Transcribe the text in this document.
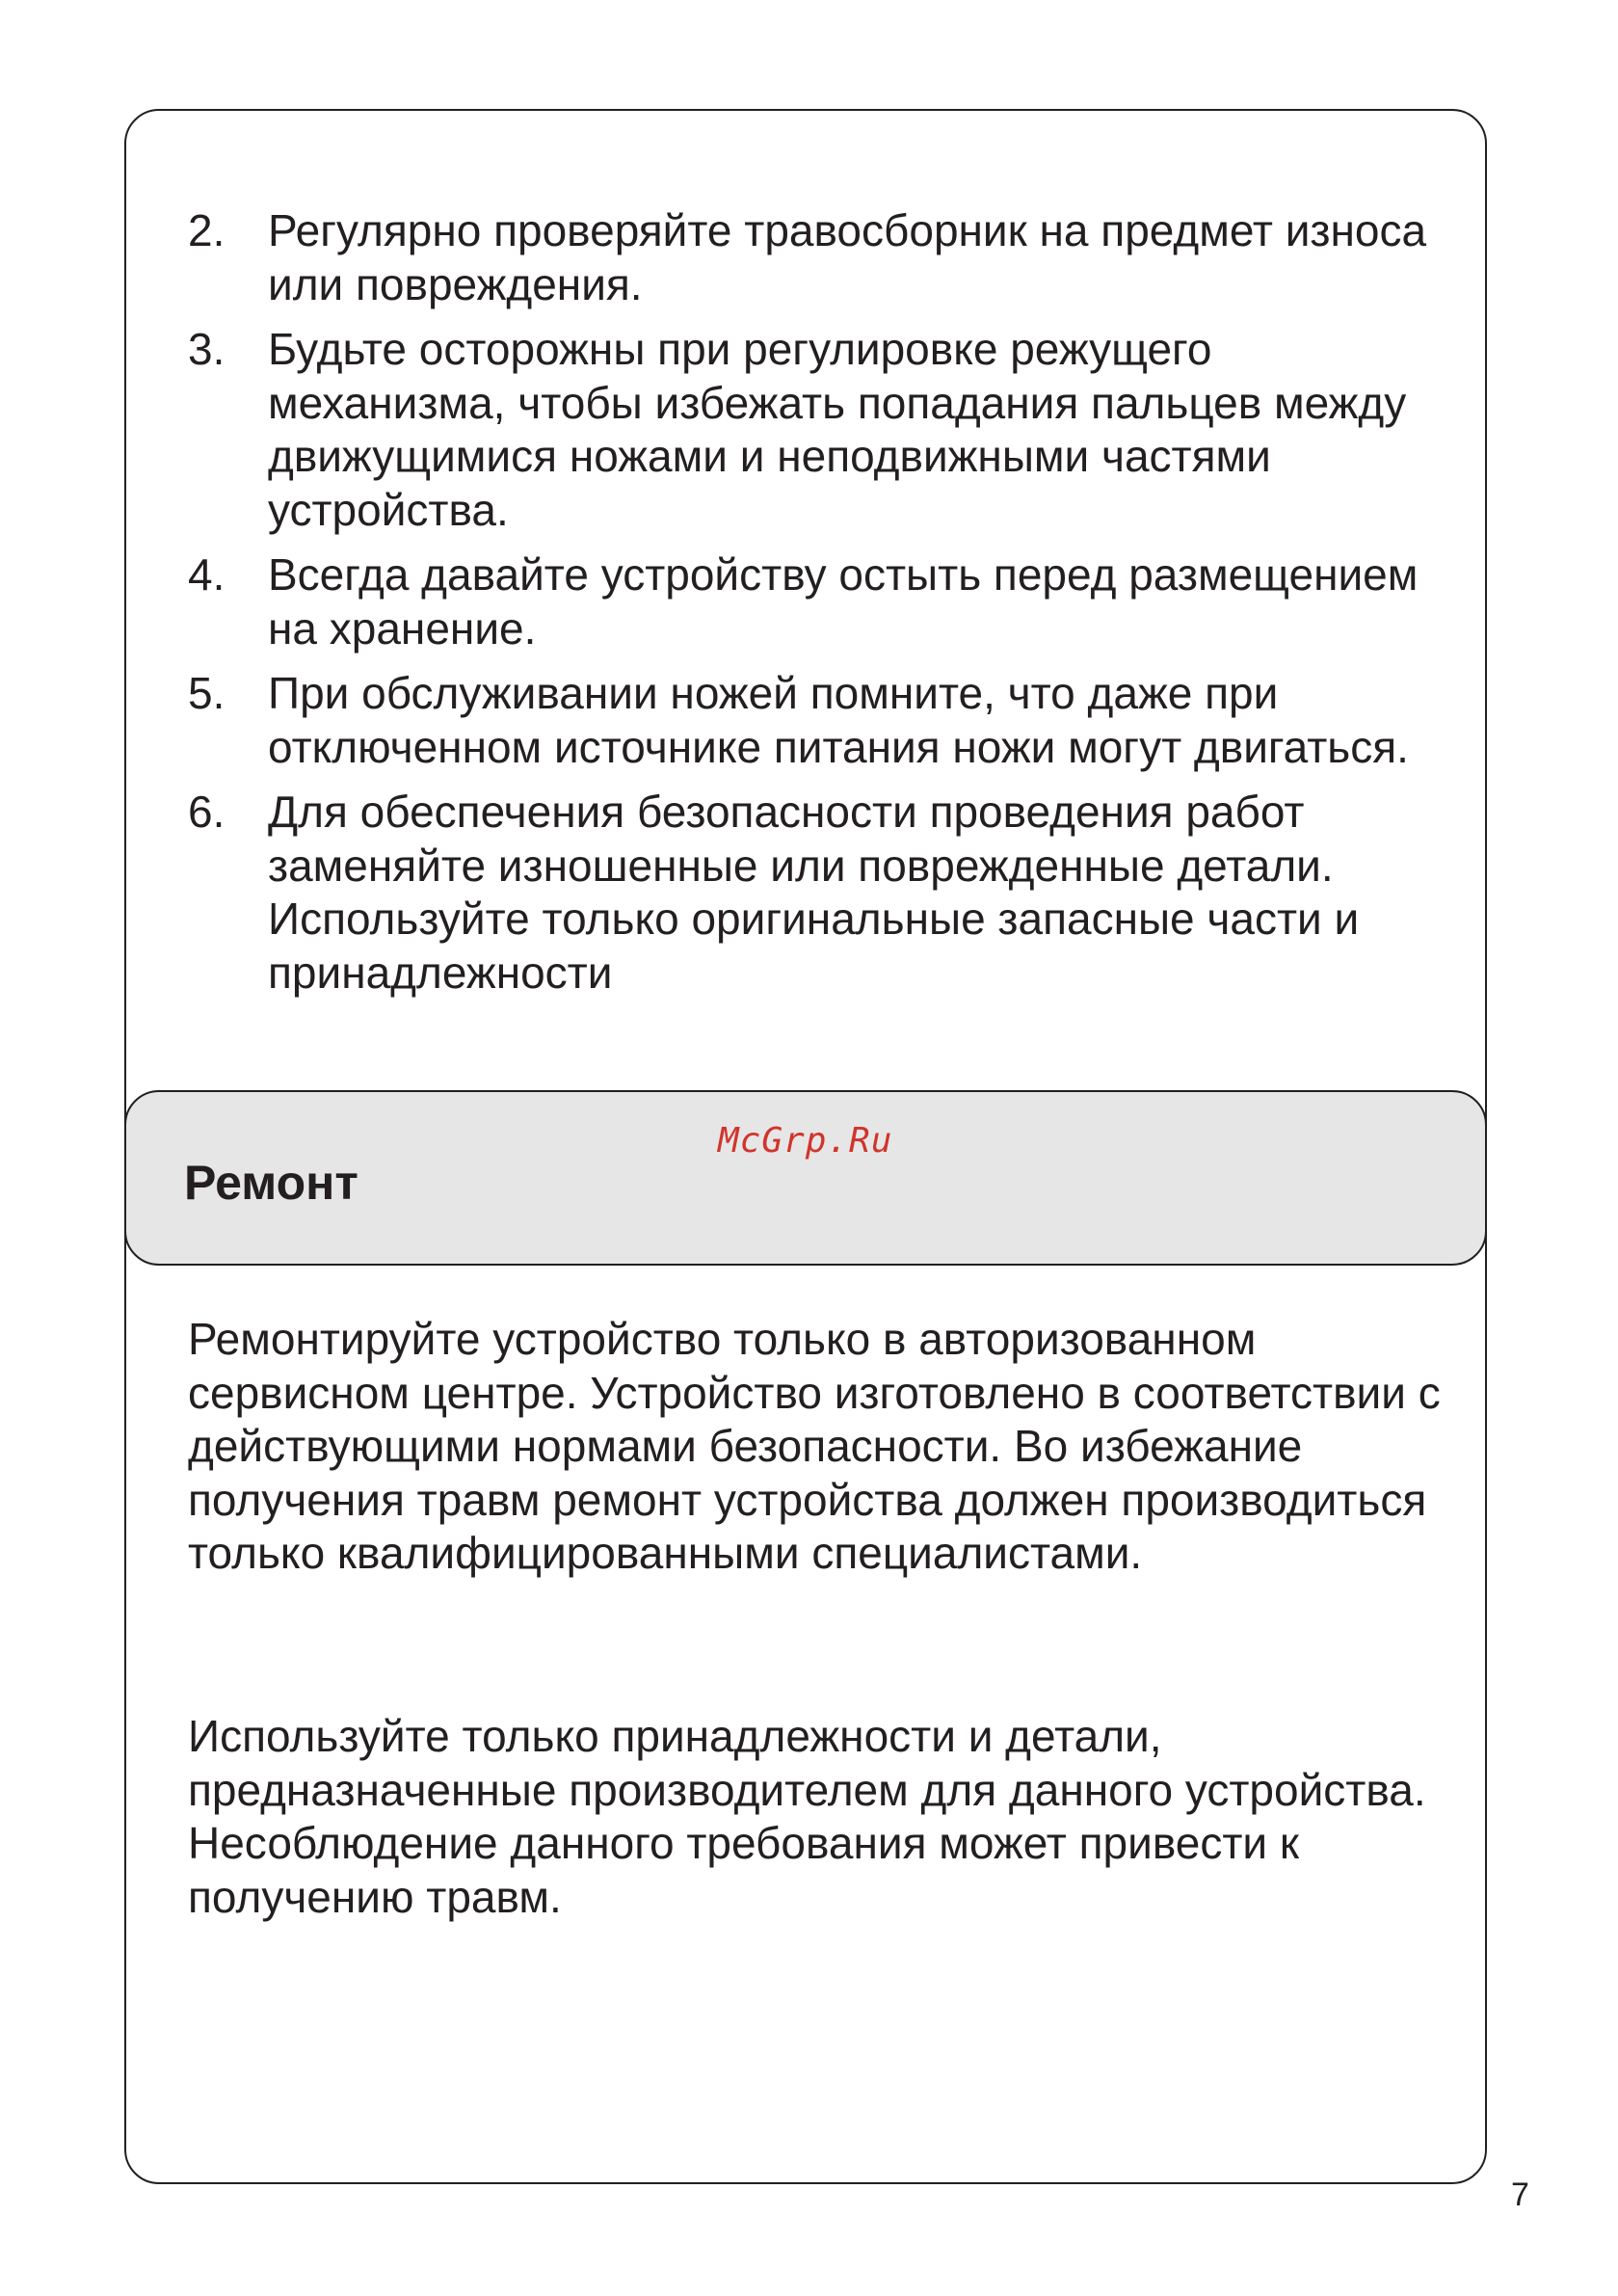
2. Регулярно проверяйте травосборник на предмет износа или повреждения.
3. Будьте осторожны при регулировке режущего механизма, чтобы избежать попадания пальцев между движущимися ножами и неподвижными частями устройства.
4. Всегда давайте устройству остыть перед размещением на хранение.
5. При обслуживании ножей помните, что даже при отключенном источнике питания ножи могут двигаться.
6. Для обеспечения безопасности проведения работ заменяйте изношенные или поврежденные детали. Используйте только оригинальные запасные части и принадлежности
Ремонт
McGrp.Ru

Ремонтируйте устройство только в авторизованном сервисном центре. Устройство изготовлено в соответствии с действующими нормами безопасности. Во избежание получения травм ремонт устройства должен производиться только квалифицированными специалистами.

Используйте только принадлежности и детали, предназначенные производителем для данного устройства. Несоблюдение данного требования может привести к получению травм.

7
